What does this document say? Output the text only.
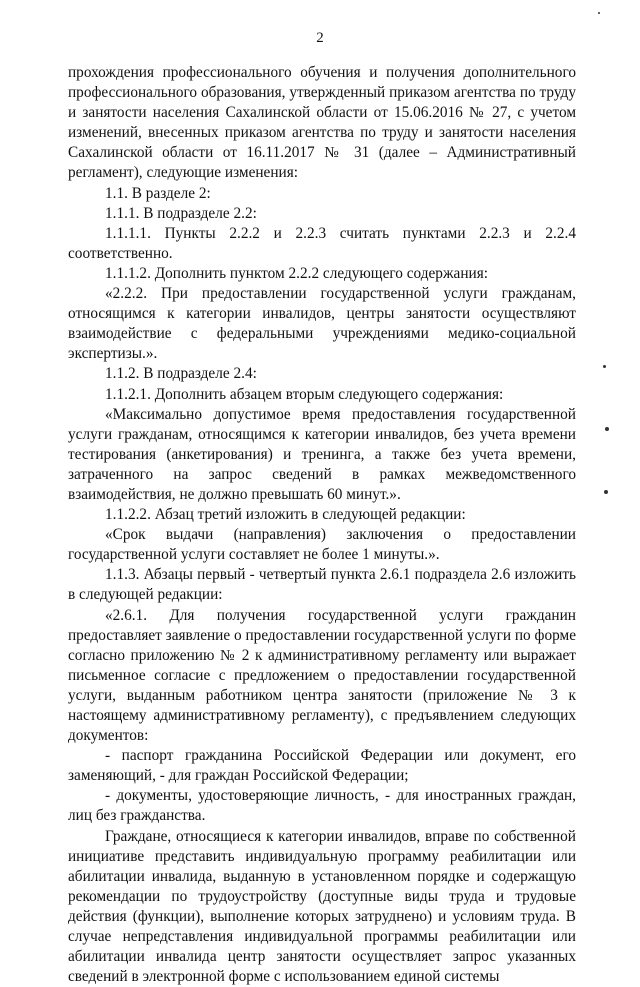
2

прохождения профессионального обучения и получения дополнительного профессионального образования, утвержденный приказом агентства по труду и занятости населения Сахалинской области от 15.06.2016 № 27, с учетом изменений, внесенных приказом агентства по труду и занятости населения Сахалинской области от 16.11.2017 № 31 (далее – Административный регламент), следующие изменения:

1.1. В разделе 2:

1.1.1. В подразделе 2.2:

1.1.1.1. Пункты 2.2.2 и 2.2.3 считать пунктами 2.2.3 и 2.2.4 соответственно.

1.1.1.2. Дополнить пунктом 2.2.2 следующего содержания:

«2.2.2. При предоставлении государственной услуги гражданам, относящимся к категории инвалидов, центры занятости осуществляют взаимодействие с федеральными учреждениями медико-социальной экспертизы.».

1.1.2. В подразделе 2.4:

1.1.2.1. Дополнить абзацем вторым следующего содержания:

«Максимально допустимое время предоставления государственной услуги гражданам, относящимся к категории инвалидов, без учета времени тестирования (анкетирования) и тренинга, а также без учета времени, затраченного на запрос сведений в рамках межведомственного взаимодействия, не должно превышать 60 минут.».

1.1.2.2. Абзац третий изложить в следующей редакции:

«Срок выдачи (направления) заключения о предоставлении государственной услуги составляет не более 1 минуты.».

1.1.3. Абзацы первый - четвертый пункта 2.6.1 подраздела 2.6 изложить в следующей редакции:

«2.6.1. Для получения государственной услуги гражданин предоставляет заявление о предоставлении государственной услуги по форме согласно приложению № 2 к административному регламенту или выражает письменное согласие с предложением о предоставлении государственной услуги, выданным работником центра занятости (приложение № 3 к настоящему административному регламенту), с предъявлением следующих документов:

- паспорт гражданина Российской Федерации или документ, его заменяющий, - для граждан Российской Федерации;

- документы, удостоверяющие личность, - для иностранных граждан, лиц без гражданства.

Граждане, относящиеся к категории инвалидов, вправе по собственной инициативе представить индивидуальную программу реабилитации или абилитации инвалида, выданную в установленном порядке и содержащую рекомендации по трудоустройству (доступные виды труда и трудовые действия (функции), выполнение которых затруднено) и условиям труда. В случае непредставления индивидуальной программы реабилитации или абилитации инвалида центр занятости осуществляет запрос указанных сведений в электронной форме с использованием единой системы
